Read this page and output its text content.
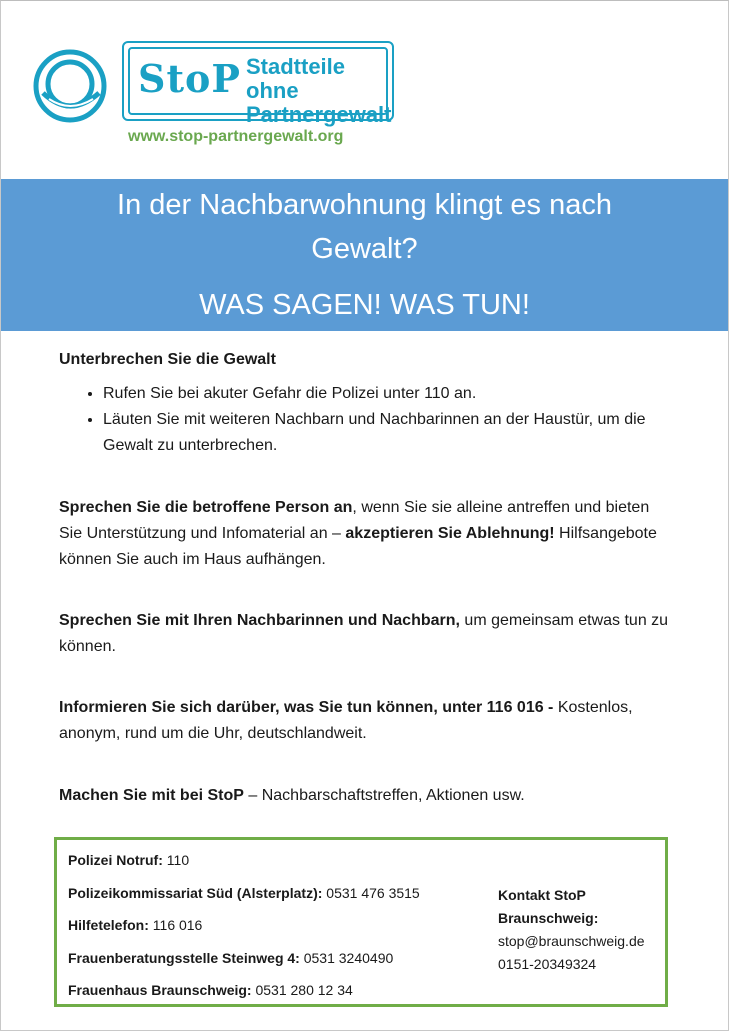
StoP Stadtteile ohne
Partnergewalt
www.stop-partnergewalt.org
In der Nachbarwohnung klingt es nach Gewalt?
WAS SAGEN! WAS TUN!

Unterbrechen Sie die Gewalt

• Rufen Sie bei akuter Gefahr die Polizei unter 110 an.
• Läuten Sie mit weiteren Nachbarn und Nachbarinnen an der Haustür, um die Gewalt zu unterbrechen.

Sprechen Sie die betroffene Person an, wenn Sie sie alleine antreffen und bieten Sie Unterstützung und Infomaterial an – akzeptieren Sie Ablehnung! Hilfsangebote können Sie auch im Haus aufhängen.

Sprechen Sie mit Ihren Nachbarinnen und Nachbarn, um gemeinsam etwas tun zu können.

Informieren Sie sich darüber, was Sie tun können, unter 116 016 - Kostenlos, anonym, rund um die Uhr, deutschlandweit.

Machen Sie mit bei StoP – Nachbarschaftstreffen, Aktionen usw.

Polizei Notruf: 110
Polizeikommissariat Süd (Alsterplatz): 0531 476 3515
Hilfetelefon: 116 016
Frauenberatungsstelle Steinweg 4: 0531 3240490
Frauenhaus Braunschweig: 0531 280 12 34
Kontakt StoP
Braunschweig:
stop@braunschweig.de
0151-20349324
